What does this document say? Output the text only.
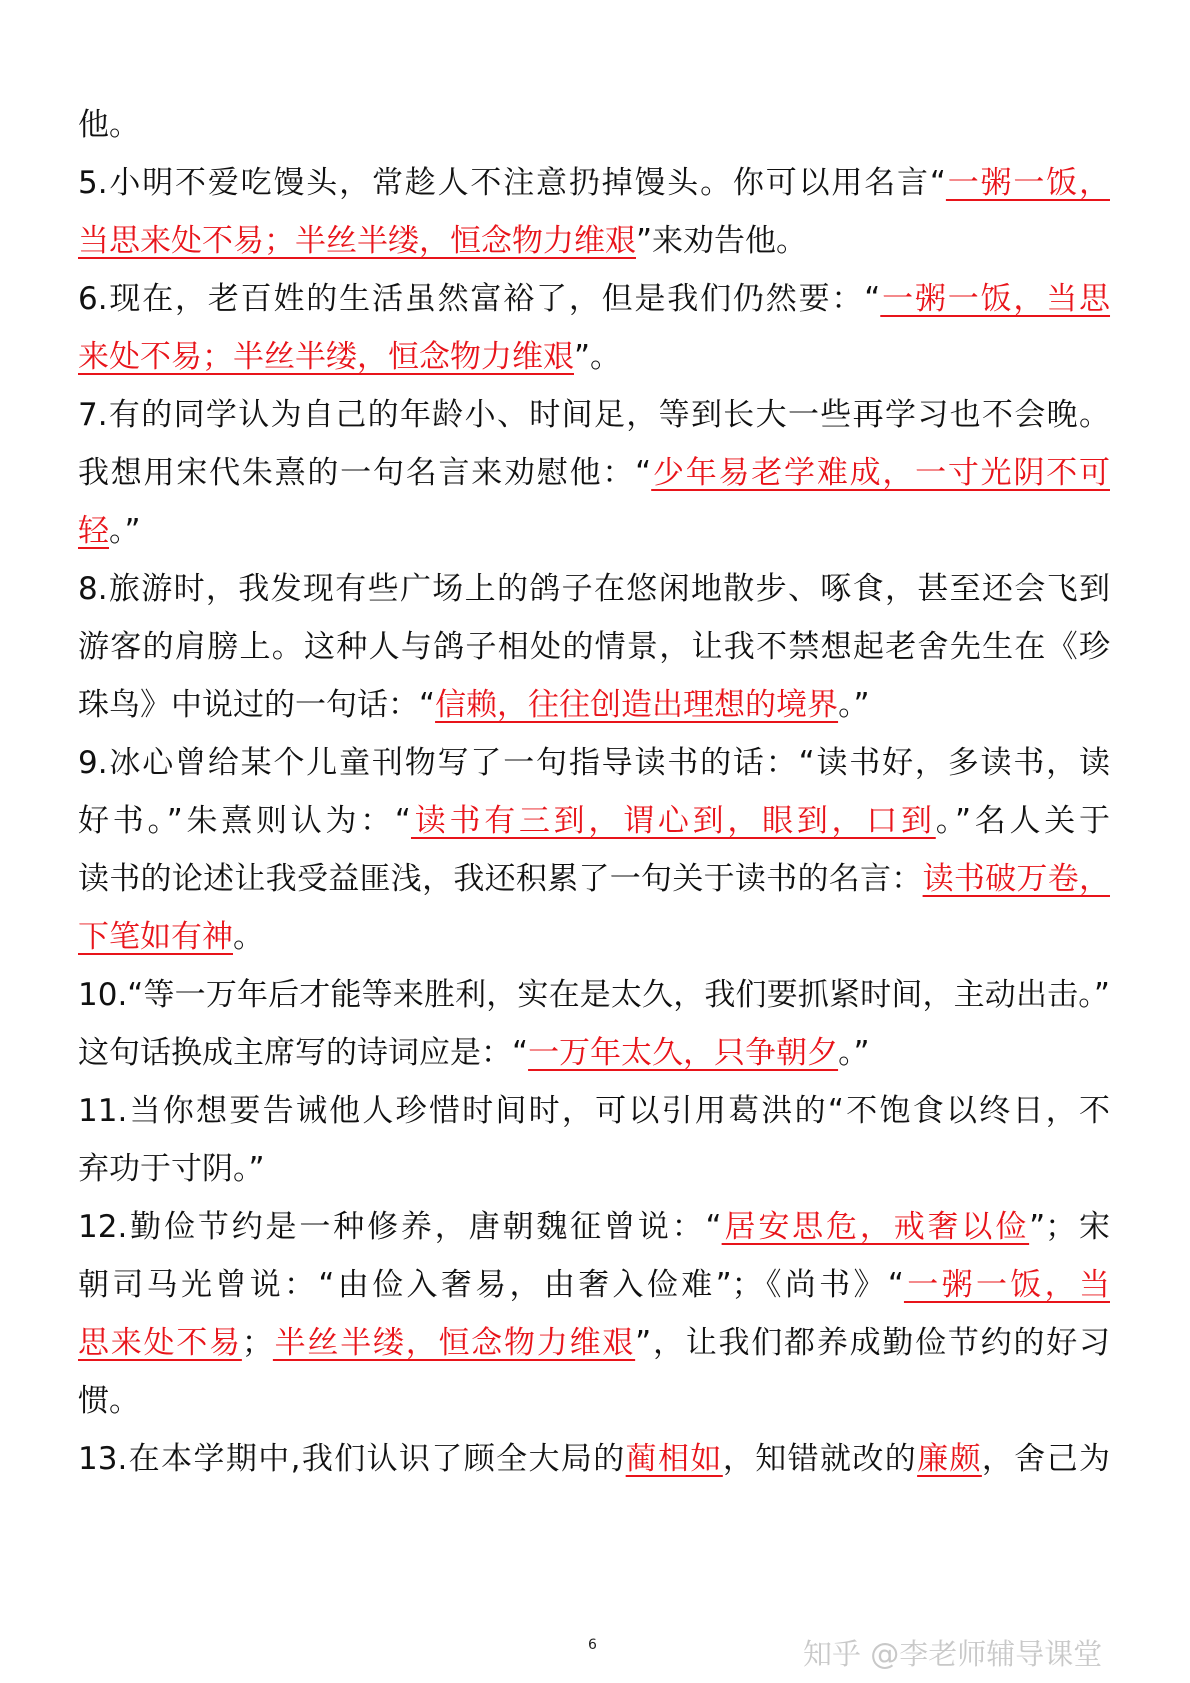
他。
5.小明不爱吃馒头，常趁人不注意扔掉馒头。你可以用名言“一粥一饭，
当思来处不易；半丝半缕，恒念物力维艰”来劝告他。
6.现在，老百姓的生活虽然富裕了，但是我们仍然要：“一粥一饭，当思
来处不易；半丝半缕，恒念物力维艰”。
7.有的同学认为自己的年龄小、时间足，等到长大一些再学习也不会晚。
我想用宋代朱熹的一句名言来劝慰他：“少年易老学难成，一寸光阴不可
轻。”
8.旅游时，我发现有些广场上的鸽子在悠闲地散步、啄食，甚至还会飞到
游客的肩膀上。这种人与鸽子相处的情景，让我不禁想起老舍先生在《珍
珠鸟》中说过的一句话：“信赖，往往创造出理想的境界。”
9.冰心曾给某个儿童刊物写了一句指导读书的话：“读书好，多读书，读
好书。”朱熹则认为：“读书有三到，谓心到，眼到，口到。”名人关于
读书的论述让我受益匪浅，我还积累了一句关于读书的名言：读书破万卷，
下笔如有神。
10.“等一万年后才能等来胜利，实在是太久，我们要抓紧时间，主动出击。”
这句话换成主席写的诗词应是：“一万年太久，只争朝夕。”
11.当你想要告诫他人珍惜时间时，可以引用葛洪的“不饱食以终日，不
弃功于寸阴。”
12.勤俭节约是一种修养，唐朝魏征曾说：“居安思危，戒奢以俭”；宋
朝司马光曾说：“由俭入奢易，由奢入俭难”；《尚书》“一粥一饭，当
思来处不易；半丝半缕，恒念物力维艰”，让我们都养成勤俭节约的好习
惯。
13.在本学期中,我们认识了顾全大局的蔺相如，知错就改的廉颇，舍己为
6	知乎 @李老师辅导课堂
